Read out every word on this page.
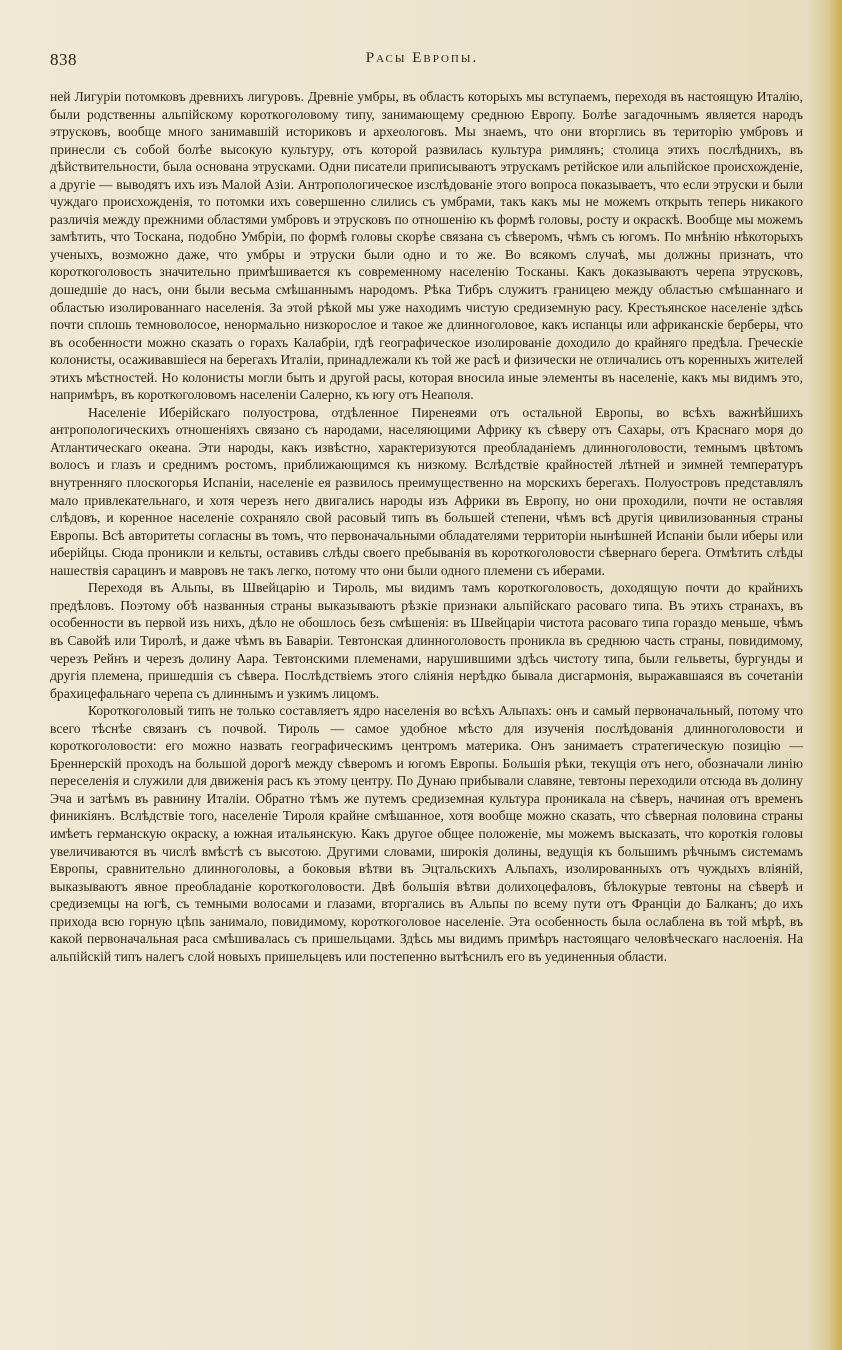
838	Расы Европы.

ней Лигуріи потомковъ древнихъ лигуровъ. Древніе умбры, въ область которыхъ мы вступаемъ, переходя въ настоящую Италію, были родственны альпійскому короткоголовому типу, занимающему среднюю Европу. Болѣе загадочнымъ является народъ этрусковъ, вообще много занимавшій историковъ и археологовъ. Мы знаемъ, что они вторглись въ територію умбровъ и принесли съ собой болѣе высокую культуру, отъ которой развилась культура римлянъ; столица этихъ послѣднихъ, въ дѣйствительности, была основана этрусками. Одни писатели приписываютъ этрускамъ ретійское или альпійское происхожденіе, а другіе — выводятъ ихъ изъ Малой Азіи. Антропологическое изслѣдованіе этого вопроса показываетъ, что если этруски и были чуждаго происхожденія, то потомки ихъ совершенно слились съ умбрами, такъ какъ мы не можемъ открыть теперь никакого различія между прежними областями умбровъ и этрусковъ по отношенію къ формѣ головы, росту и окраскѣ. Вообще мы можемъ замѣтить, что Тоскана, подобно Умбріи, по формѣ головы скорѣе связана съ сѣверомъ, чѣмъ съ югомъ. По мнѣнію нѣкоторыхъ ученыхъ, возможно даже, что умбры и этруски были одно и то же. Во всякомъ случаѣ, мы должны признать, что короткоголовость значительно примѣшивается къ современному населенію Тосканы. Какъ доказываютъ черепа этрусковъ, дошедшіе до насъ, они были весьма смѣшаннымъ народомъ. Рѣка Тибръ служитъ границею между областью смѣшаннаго и областью изолированнаго населенія. За этой рѣкой мы уже находимъ чистую средиземную расу. Крестьянское населеніе здѣсь почти сплошь темноволосое, ненормально низкорослое и такое же длинноголовое, какъ испанцы или африканскіе берберы, что въ особенности можно сказать о горахъ Калабріи, гдѣ географическое изолированіе доходило до крайняго предѣла. Греческіе колонисты, осаживавшіеся на берегахъ Италіи, принадлежали къ той же расѣ и физически не отличались отъ коренныхъ жителей этихъ мѣстностей. Но колонисты могли быть и другой расы, которая вносила иные элементы въ населеніе, какъ мы видимъ это, напримѣръ, въ короткоголовомъ населеніи Салерно, къ югу отъ Неаполя.

Населеніе Иберійскаго полуострова, отдѣленное Пиренеями отъ остальной Европы, во всѣхъ важнѣйшихъ антропологическихъ отношеніяхъ связано съ народами, населяющими Африку къ сѣверу отъ Сахары, отъ Краснаго моря до Атлантическаго океана. Эти народы, какъ извѣстно, характеризуются преобладаніемъ длинноголовости, темнымъ цвѣтомъ волосъ и глазъ и среднимъ ростомъ, приближающимся къ низкому. Вслѣдствіе крайностей лѣтней и зимней температуръ внутренняго плоскогорья Испаніи, населеніе ея развилось преимущественно на морскихъ берегахъ. Полуостровъ представлялъ мало привлекательнаго, и хотя черезъ него двигались народы изъ Африки въ Европу, но они проходили, почти не оставляя слѣдовъ, и коренное населеніе сохраняло свой расовый типъ въ большей степени, чѣмъ всѣ другія цивилизованныя страны Европы. Всѣ авторитеты согласны въ томъ, что первоначальными обладателями территоріи нынѣшней Испаніи были иберы или иберійцы. Сюда проникли и кельты, оставивъ слѣды своего пребыванія въ короткоголовости сѣвернаго берега. Отмѣтить слѣды нашествія сарацинъ и мавровъ не такъ легко, потому что они были одного племени съ иберами.

Переходя въ Альпы, въ Швейцарію и Тироль, мы видимъ тамъ короткоголовость, доходящую почти до крайнихъ предѣловъ. Поэтому обѣ названныя страны выказываютъ рѣзкіе признаки альпійскаго расоваго типа. Въ этихъ странахъ, въ особенности въ первой изъ нихъ, дѣло не обошлось безъ смѣшенія: въ Швейцаріи чистота расоваго типа гораздо меньше, чѣмъ въ Савойѣ или Тиролѣ, и даже чѣмъ въ Баваріи. Тевтонская длинноголовость проникла въ среднюю часть страны, повидимому, черезъ Рейнъ и черезъ долину Аара. Тевтонскими племенами, нарушившими здѣсь чистоту типа, были гельветы, бургунды и другія племена, пришедшія съ сѣвера. Послѣдствіемъ этого слiянія нерѣдко бывала дисгармонія, выражавшаяся въ сочетаніи брахицефальнаго черепа съ длиннымъ и узкимъ лицомъ.

Короткоголовый типъ не только составляетъ ядро населенія во всѣхъ Альпахъ: онъ и самый первоначальный, потому что всего тѣснѣе связанъ съ почвой. Тироль — самое удобное мѣсто для изученія послѣдованія длинноголовости и короткоголовости: его можно назвать географическимъ центромъ материка. Онъ занимаетъ стратегическую позицію — Бреннерскій проходъ на большой дорогѣ между сѣверомъ и югомъ Европы. Большія рѣки, текущія отъ него, обозначали линію переселенія и служили для движенія расъ къ этому центру. По Дунаю прибывали славяне, тевтоны переходили отсюда въ долину Эча и затѣмъ въ равнину Италіи. Обратно тѣмъ же путемъ средиземная культура проникала на сѣверъ, начиная отъ временъ финикіянъ. Вслѣдствіе того, населеніе Тироля крайне смѣшанное, хотя вообще можно сказать, что сѣверная половина страны имѣетъ германскую окраску, а южная итальянскую. Какъ другое общее положеніе, мы можемъ высказать, что короткія головы увеличиваются въ числѣ вмѣстѣ съ высотою. Другими словами, широкія долины, ведущія къ большимъ рѣчнымъ системамъ Европы, сравнительно длинноголовы, а боковыя вѣтви въ Эцтальскихъ Альпахъ, изолированныхъ отъ чуждыхъ вліяній, выказываютъ явное преобладаніе короткоголовости. Двѣ большія вѣтви долихоцефаловъ, бѣлокурые тевтоны на сѣверѣ и средиземцы на югѣ, съ темными волосами и глазами, вторгались въ Альпы по всему пути отъ Франціи до Балканъ; до ихъ прихода всю горную цѣпь занимало, повидимому, короткоголовое населеніе. Эта особенность была ослаблена въ той мѣрѣ, въ какой первоначальная раса смѣшивалась съ пришельцами. Здѣсь мы видимъ примѣръ настоящаго человѣческаго наслоенія. На альпійскій типъ налегъ слой новыхъ пришельцевъ или постепенно вытѣснилъ его въ уединенныя области.
